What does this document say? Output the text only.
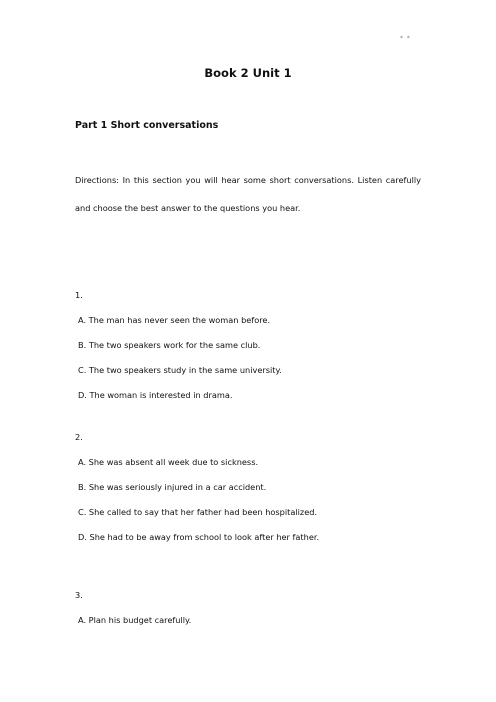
* *
Book 2 Unit 1
Part 1 Short conversations

Directions: In this section you will hear some short conversations. Listen carefully and choose the best answer to the questions you hear.

1.

A. The man has never seen the woman before.

B. The two speakers work for the same club.

C. The two speakers study in the same university.

D. The woman is interested in drama.

2.

A. She was absent all week due to sickness.

B. She was seriously injured in a car accident.

C. She called to say that her father had been hospitalized.

D. She had to be away from school to look after her father.

3.

A. Plan his budget carefully.
